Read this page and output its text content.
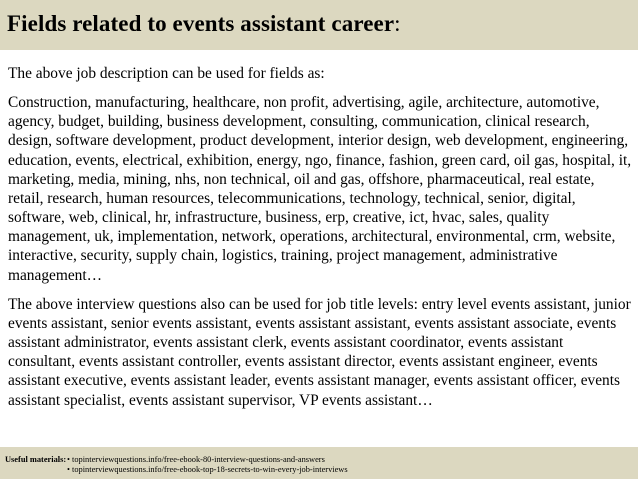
Fields related to events assistant career:

The above job description can be used for fields as:

Construction, manufacturing, healthcare, non profit, advertising, agile, architecture, automotive, agency, budget, building, business development, consulting, communication, clinical research, design, software development, product development, interior design, web development, engineering, education, events, electrical, exhibition, energy, ngo, finance, fashion, green card, oil gas, hospital, it, marketing, media, mining, nhs, non technical, oil and gas, offshore, pharmaceutical, real estate, retail, research, human resources, telecommunications, technology, technical, senior, digital, software, web, clinical, hr, infrastructure, business, erp, creative, ict, hvac, sales, quality management, uk, implementation, network, operations, architectural, environmental, crm, website, interactive, security, supply chain, logistics, training, project management, administrative management…

The above interview questions also can be used for job title levels: entry level events assistant, junior events assistant, senior events assistant, events assistant assistant, events assistant associate, events assistant administrator, events assistant clerk, events assistant coordinator, events assistant consultant, events assistant controller, events assistant director, events assistant engineer, events assistant executive, events assistant leader, events assistant manager, events assistant officer, events assistant specialist, events assistant supervisor, VP events assistant…

Useful materials: • topinterviewquestions.info/free-ebook-80-interview-questions-and-answers
• topinterviewquestions.info/free-ebook-top-18-secrets-to-win-every-job-interviews
